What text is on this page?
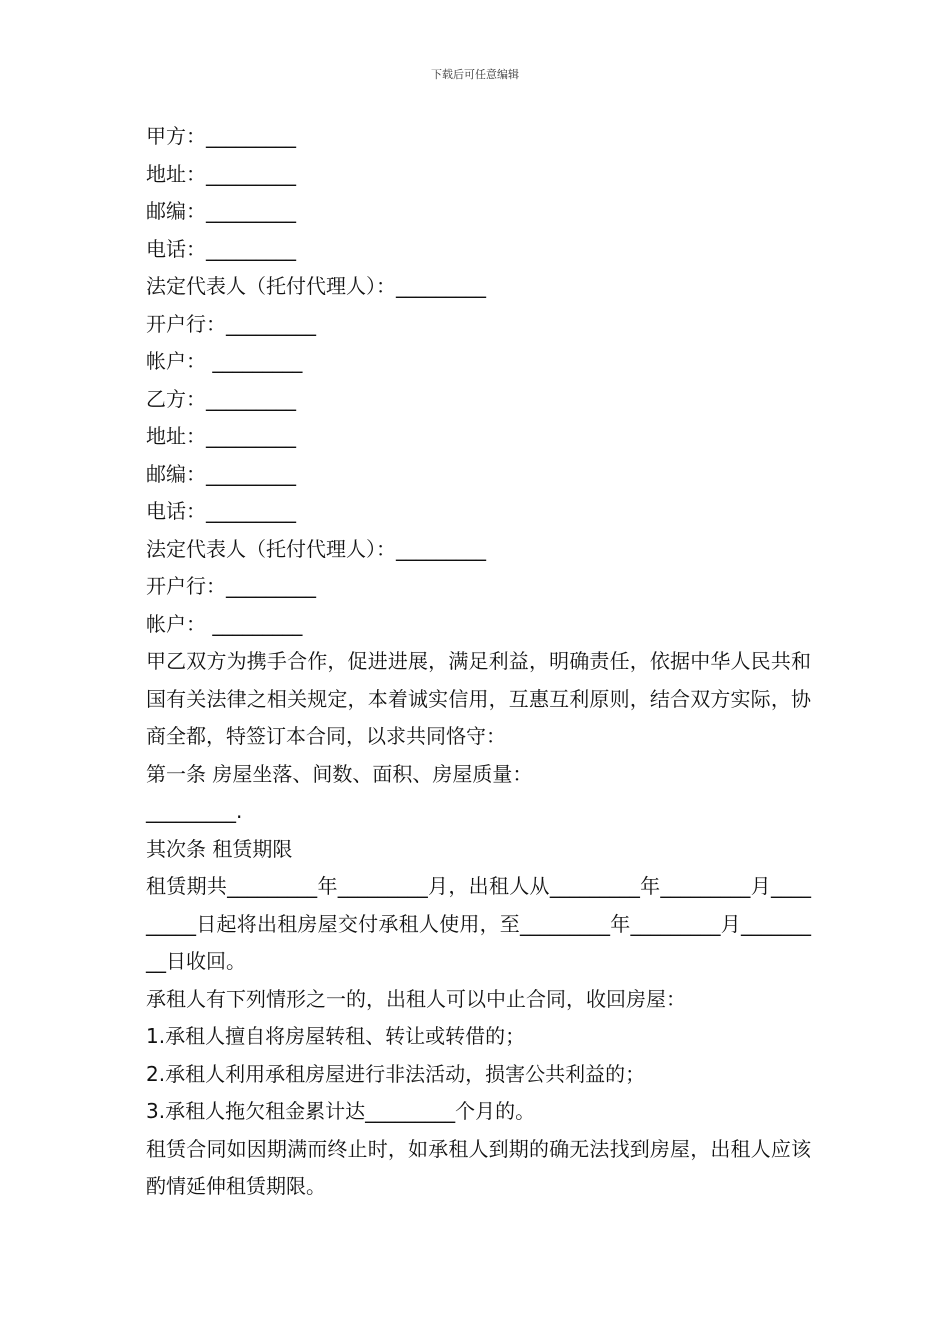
下载后可任意编辑
甲方：_________
地址：_________
邮编：_________
电话：_________
法定代表人（托付代理人）：_________
开户行：_________
帐户： _________
乙方：_________
地址：_________
邮编：_________
电话：_________
法定代表人（托付代理人）：_________
开户行：_________
帐户： _________
甲乙双方为携手合作，促进进展，满足利益，明确责任，依据中华人民共和国有关法律之相关规定，本着诚实信用，互惠互利原则，结合双方实际，协商全都，特签订本合同，以求共同恪守：
第一条 房屋坐落、间数、面积、房屋质量：
_________.
其次条 租赁期限
租赁期共_________年_________月，出租人从_________年_________月_________日起将出租房屋交付承租人使用，至_________年_________月_________日收回。
承租人有下列情形之一的，出租人可以中止合同，收回房屋：
1.承租人擅自将房屋转租、转让或转借的；
2.承租人利用承租房屋进行非法活动，损害公共利益的；
3.承租人拖欠租金累计达_________个月的。
租赁合同如因期满而终止时，如承租人到期的确无法找到房屋，出租人应该酌情延伸租赁期限。
